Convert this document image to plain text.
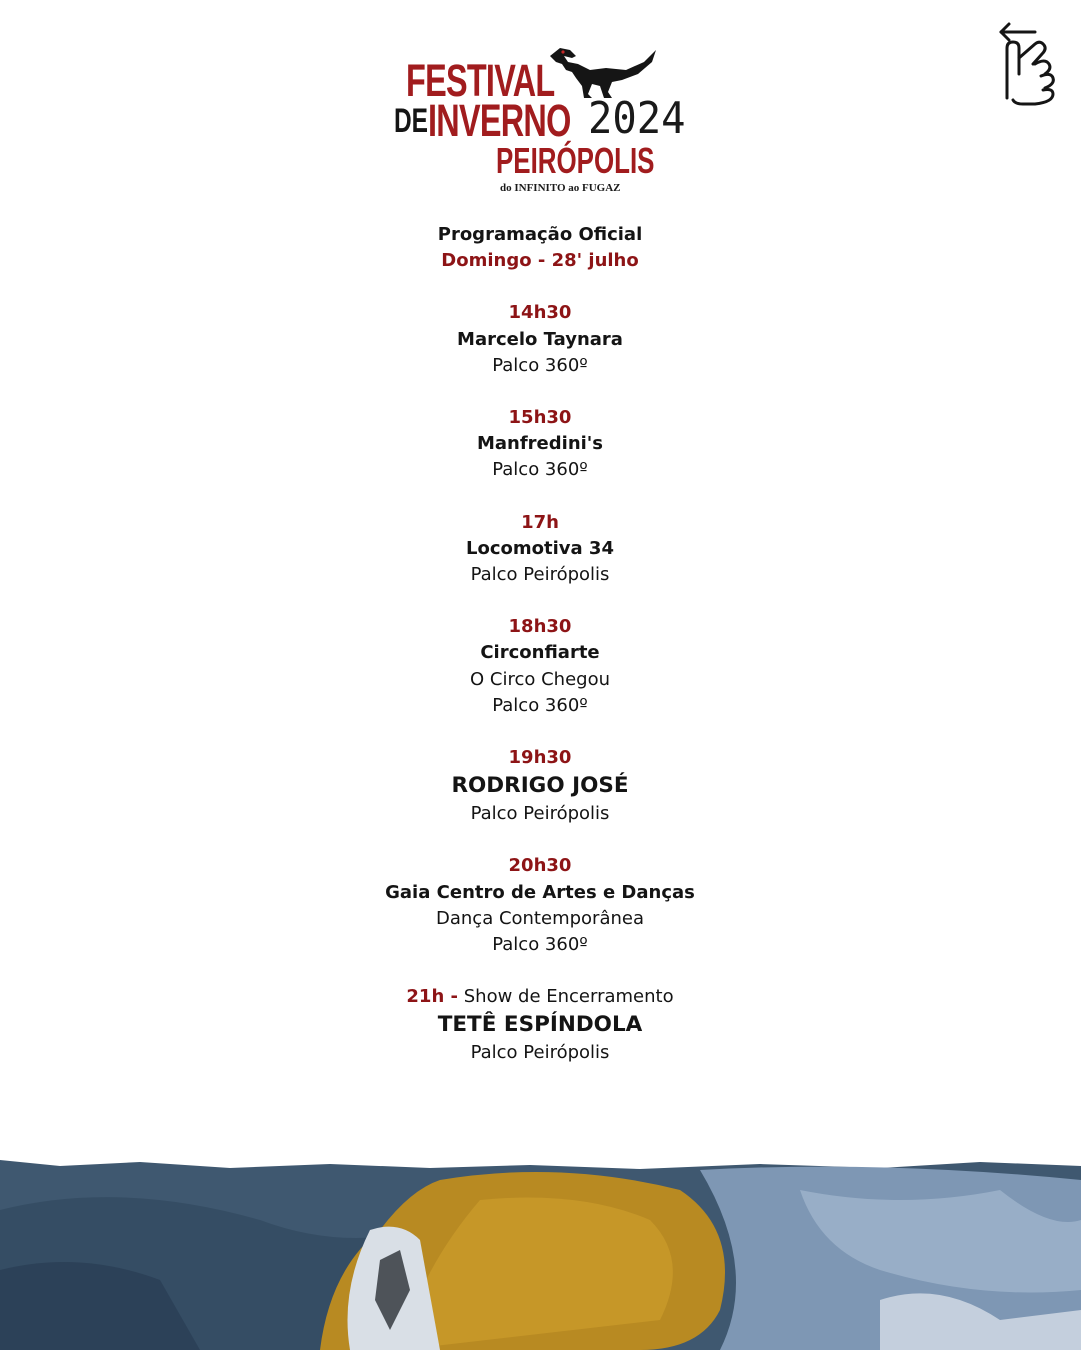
FESTIVAL
DE INVERNO 2024
PEIRÓPOLIS
do INFINITO ao FUGAZ
Programação Oficial
Domingo - 28' julho
14h30
Marcelo Taynara
Palco 360º
15h30
Manfredini's
Palco 360º
17h
Locomotiva 34
Palco Peirópolis
18h30
Circonfiarte
O Circo Chegou
Palco 360º
19h30
RODRIGO JOSÉ
Palco Peirópolis
20h30
Gaia Centro de Artes e Danças
Dança Contemporânea
Palco 360º
21h - Show de Encerramento
TETÊ ESPÍNDOLA
Palco Peirópolis
